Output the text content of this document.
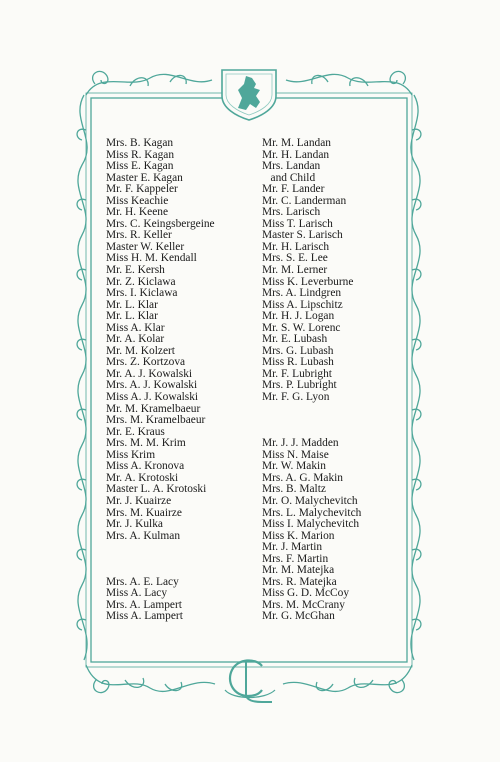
Mrs. B. Kagan
Miss R. Kagan
Miss E. Kagan
Master E. Kagan
Mr. F. Kappeler
Miss Keachie
Mr. H. Keene
Mrs. C. Keingsbergeine
Mrs. R. Keller
Master W. Keller
Miss H. M. Kendall
Mr. E. Kersh
Mr. Z. Kiclawa
Mrs. I. Kiclawa
Mr. L. Klar
Mr. L. Klar
Miss A. Klar
Mr. A. Kolar
Mr. M. Kolzert
Mrs. Z. Kortzova
Mr. A. J. Kowalski
Mrs. A. J. Kowalski
Miss A. J. Kowalski
Mr. M. Kramelbaeur
Mrs. M. Kramelbaeur
Mr. E. Kraus
Mrs. M. M. Krim
Miss Krim
Miss A. Kronova
Mr. A. Krotoski
Master L. A. Krotoski
Mr. J. Kuairze
Mrs. M. Kuairze
Mr. J. Kulka
Mrs. A. Kulman
Mrs. A. E. Lacy
Miss A. Lacy
Mrs. A. Lampert
Miss A. Lampert
Mr. M. Landan
Mr. H. Landan
Mrs. Landan
and Child
Mr. F. Lander
Mr. C. Landerman
Mrs. Larisch
Miss T. Larisch
Master S. Larisch
Mr. H. Larisch
Mrs. S. E. Lee
Mr. M. Lerner
Miss K. Leverburne
Mrs. A. Lindgren
Miss A. Lipschitz
Mr. H. J. Logan
Mr. S. W. Lorenc
Mr. E. Lubash
Mrs. G. Lubash
Miss R. Lubash
Mr. F. Lubright
Mrs. P. Lubright
Mr. F. G. Lyon
Mr. J. J. Madden
Miss N. Maise
Mr. W. Makin
Mrs. A. G. Makin
Mrs. B. Maltz
Mr. O. Malychevitch
Mrs. L. Malychevitch
Miss I. Malychevitch
Miss K. Marion
Mr. J. Martin
Mrs. F. Martin
Mr. M. Matejka
Mrs. R. Matejka
Miss G. D. McCoy
Mrs. M. McCrany
Mr. G. McGhan
